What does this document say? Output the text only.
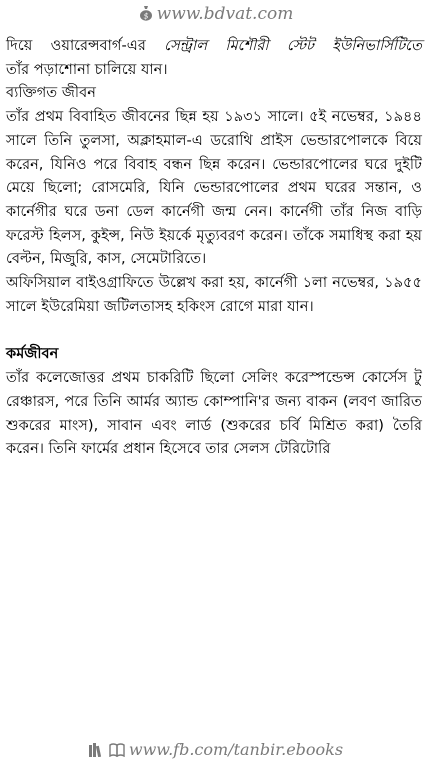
$ www.bdvat.com

দিয়ে ওয়ারেন্সবার্গ-এর সেন্ট্রাল মিশৌরী স্টেট ইউনিভার্সিটিতে

তাঁর পড়াশোনা চালিয়ে যান।

ব্যক্তিগত জীবন

তাঁর প্রথম বিবাহিত জীবনের ছিন্ন হয় ১৯৩১ সালে। ৫ই নভেম্বর, ১৯৪৪ সালে তিনি তুলসা, অক্লাহমাল-এ ডরোথি প্রাইস ভেন্ডারপোলকে বিয়ে করেন, যিনিও পরে বিবাহ বন্ধন ছিন্ন করেন। ভেন্ডারপোলের ঘরে দুইটি মেয়ে ছিলো; রোসমেরি, যিনি ভেন্ডারপোলের প্রথম ঘরের সন্তান, ও কার্নেগীর ঘরে ডনা ডেল কার্নেগী জন্ম নেন। কার্নেগী তাঁর নিজ বাড়ি ফরেস্ট হিলস, কুইন্স, নিউ ইয়র্কে মৃত্যুবরণ করেন। তাঁকে সমাধিস্থ করা হয় বেল্টন, মিজুরি, কাস, সেমেটারিতে।

অফিসিয়াল বাইওগ্রাফিতে উল্লেখ করা হয়, কার্নেগী ১লা নভেম্বর, ১৯৫৫

সালে ইউরেমিয়া জটিলতাসহ হকিংস রোগে মারা যান।

কর্মজীবন

তাঁর কলেজোত্তর প্রথম চাকরিটি ছিলো সেলিং করেস্পন্ডেন্স কোর্সেস টু রেঞ্চারস, পরে তিনি আর্মর অ্যান্ড কোম্পানি'র জন্য বাকন (লবণ জারিত শুকরের মাংস), সাবান এবং লার্ড (শুকরের চর্বি মিশ্রিত করা) তৈরি করেন। তিনি ফার্মের প্রধান হিসেবে তার সেলস টেরিটোরি

www.fb.com/tanbir.ebooks
